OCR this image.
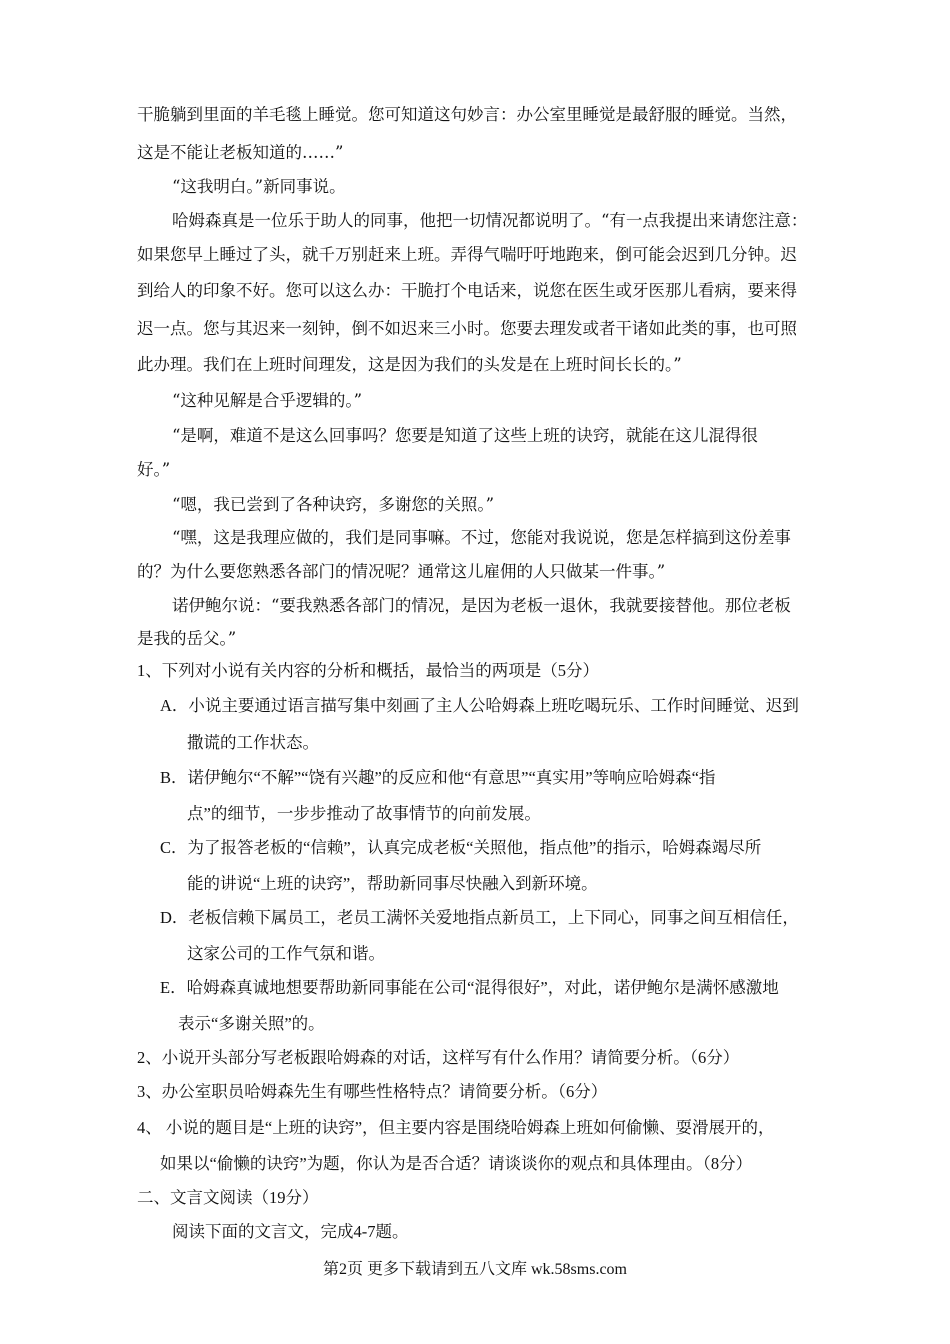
干脆躺到里面的羊毛毯上睡觉。您可知道这句妙言：办公室里睡觉是最舒服的睡觉。当然，
这是不能让老板知道的……”
“这我明白。”新同事说。
哈姆森真是一位乐于助人的同事，他把一切情况都说明了。“有一点我提出来请您注意：
如果您早上睡过了头，就千万别赶来上班。弄得气喘吁吁地跑来，倒可能会迟到几分钟。迟
到给人的印象不好。您可以这么办：干脆打个电话来，说您在医生或牙医那儿看病，要来得
迟一点。您与其迟来一刻钟，倒不如迟来三小时。您要去理发或者干诸如此类的事，也可照
此办理。我们在上班时间理发，这是因为我们的头发是在上班时间长长的。”
“这种见解是合乎逻辑的。”
“是啊，难道不是这么回事吗？您要是知道了这些上班的诀窍，就能在这儿混得很
好。”
“嗯，我已尝到了各种诀窍，多谢您的关照。”
“嘿，这是我理应做的，我们是同事嘛。不过，您能对我说说，您是怎样搞到这份差事
的？为什么要您熟悉各部门的情况呢？通常这儿雇佣的人只做某一件事。”
诺伊鲍尔说：“要我熟悉各部门的情况，是因为老板一退休，我就要接替他。那位老板
是我的岳父。”
1、下列对小说有关内容的分析和概括，最恰当的两项是（5分）
A．小说主要通过语言描写集中刻画了主人公哈姆森上班吃喝玩乐、工作时间睡觉、迟到
撒谎的工作状态。
B．诺伊鲍尔“不解”“饶有兴趣”的反应和他“有意思”“真实用”等响应哈姆森“指
点”的细节，一步步推动了故事情节的向前发展。
C．为了报答老板的“信赖”，认真完成老板“关照他，指点他”的指示，哈姆森竭尽所
能的讲说“上班的诀窍”，帮助新同事尽快融入到新环境。
D．老板信赖下属员工，老员工满怀关爱地指点新员工，上下同心，同事之间互相信任，
这家公司的工作气氛和谐。
E．哈姆森真诚地想要帮助新同事能在公司“混得很好”，对此，诺伊鲍尔是满怀感激地
表示“多谢关照”的。
2、小说开头部分写老板跟哈姆森的对话，这样写有什么作用？请简要分析。（6分）
3、办公室职员哈姆森先生有哪些性格特点？请简要分析。（6分）
4、 小说的题目是“上班的诀窍”，但主要内容是围绕哈姆森上班如何偷懒、耍滑展开的，
如果以“偷懒的诀窍”为题，你认为是否合适？请谈谈你的观点和具体理由。（8分）
二、文言文阅读（19分）
阅读下面的文言文，完成4-7题。
第2页 更多下载请到五八文库 wk.58sms.com
